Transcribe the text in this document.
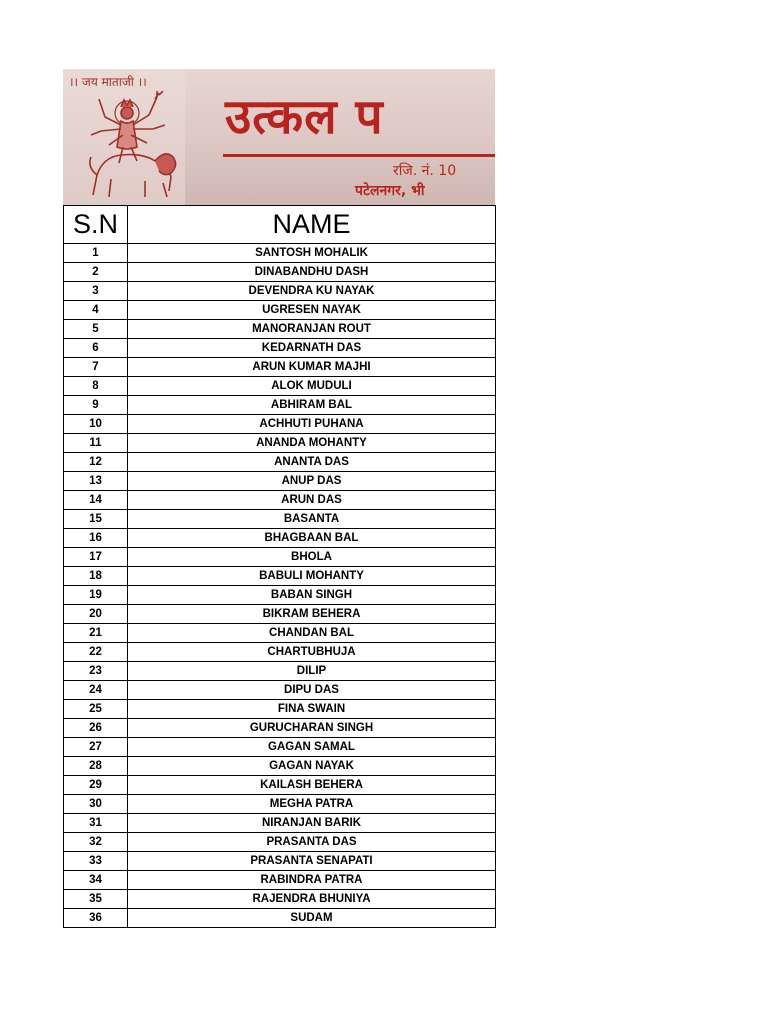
।। जय माताजी ।।
उत्कल प
रजि. नं. 10
पटेलनगर, भी
S.N	NAME
1	SANTOSH MOHALIK
2	DINABANDHU DASH
3	DEVENDRA KU NAYAK
4	UGRESEN NAYAK
5	MANORANJAN ROUT
6	KEDARNATH DAS
7	ARUN KUMAR MAJHI
8	ALOK MUDULI
9	ABHIRAM BAL
10	ACHHUTI PUHANA
11	ANANDA MOHANTY
12	ANANTA DAS
13	ANUP DAS
14	ARUN DAS
15	BASANTA
16	BHAGBAAN BAL
17	BHOLA
18	BABULI MOHANTY
19	BABAN SINGH
20	BIKRAM BEHERA
21	CHANDAN BAL
22	CHARTUBHUJA
23	DILIP
24	DIPU DAS
25	FINA SWAIN
26	GURUCHARAN SINGH
27	GAGAN SAMAL
28	GAGAN NAYAK
29	KAILASH BEHERA
30	MEGHA PATRA
31	NIRANJAN BARIK
32	PRASANTA DAS
33	PRASANTA SENAPATI
34	RABINDRA PATRA
35	RAJENDRA BHUNIYA
36	SUDAM
